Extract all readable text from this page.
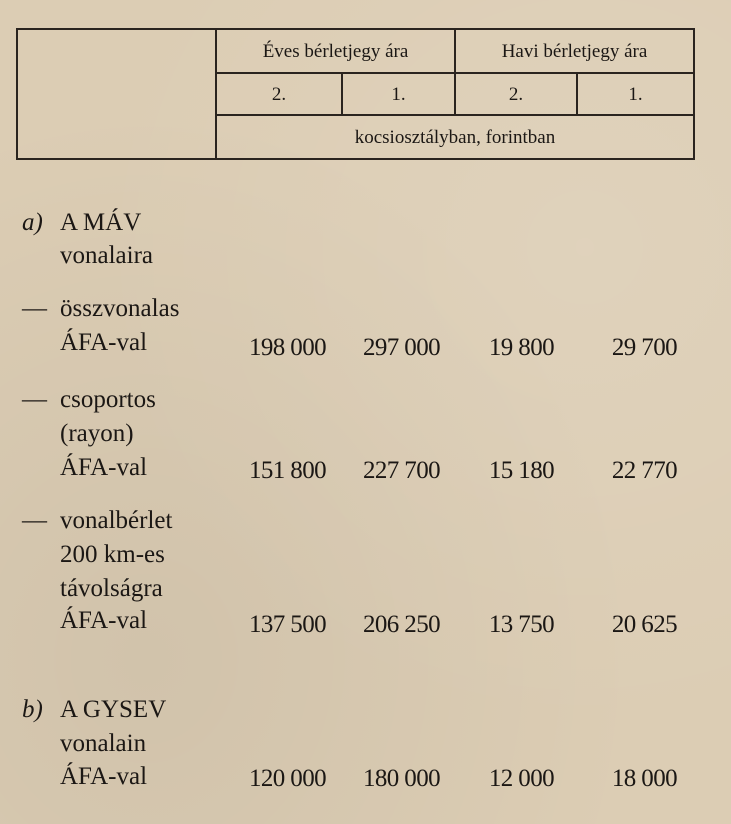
Éves bérletjegy ára	Havi bérletjegy ára
2.	1.	2.	1.
kocsiosztályban, forintban
a) A MÁV
vonalaira
— összvonalas
ÁFA-val	198 000	297 000	19 800	29 700
— csoportos
(rayon)
ÁFA-val	151 800	227 700	15 180	22 770
— vonalbérlet
200 km-es
távolságra
ÁFA-val	137 500	206 250	13 750	20 625
b) A GYSEV
vonalain
ÁFA-val	120 000	180 000	12 000	18 000
